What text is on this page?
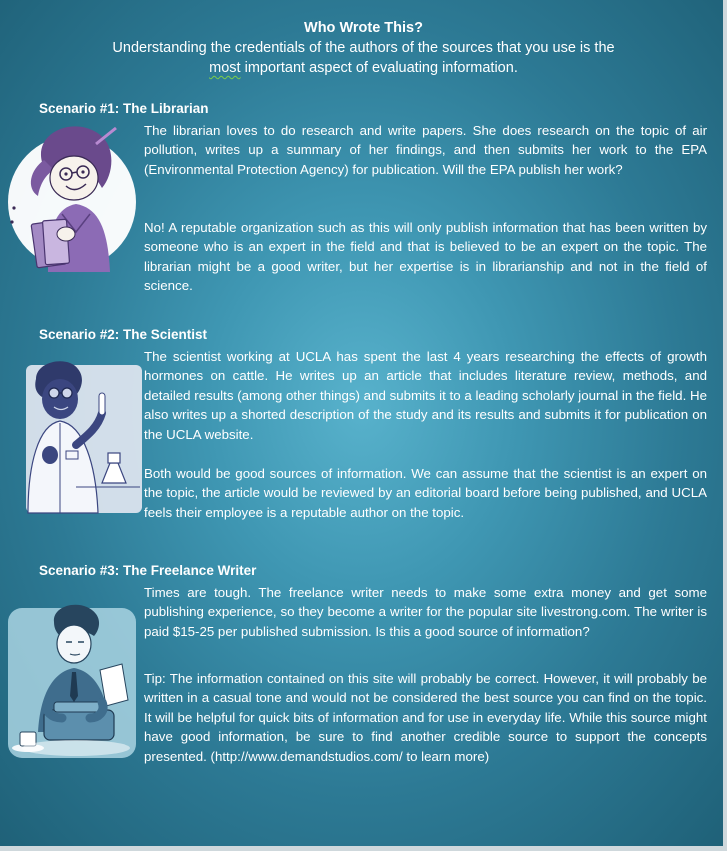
Who Wrote This?
Understanding the credentials of the authors of the sources that you use is the
most important aspect of evaluating information.
Scenario #1: The Librarian

The librarian loves to do research and write papers. She does research on the topic of air pollution, writes up a summary of her findings, and then submits her work to the EPA (Environmental Protection Agency) for publication. Will the EPA publish her work?

No! A reputable organization such as this will only publish information that has been written by someone who is an expert in the field and that is believed to be an expert on the topic. The librarian might be a good writer, but her expertise is in librarianship and not in the field of science.

Scenario #2: The Scientist

The scientist working at UCLA has spent the last 4 years researching the effects of growth hormones on cattle. He writes up an article that includes literature review, methods, and detailed results (among other things) and submits it to a leading scholarly journal in the field. He also writes up a shorted description of the study and its results and submits it for publication on the UCLA website.

Both would be good sources of information. We can assume that the scientist is an expert on the topic, the article would be reviewed by an editorial board before being published, and UCLA feels their employee is a reputable author on the topic.

Scenario #3: The Freelance Writer

Times are tough. The freelance writer needs to make some extra money and get some publishing experience, so they become a writer for the popular site livestrong.com. The writer is paid $15-25 per published submission. Is this a good source of information?

Tip: The information contained on this site will probably be correct. However, it will probably be written in a casual tone and would not be considered the best source you can find on the topic. It will be helpful for quick bits of information and for use in everyday life. While this source might have good information, be sure to find another credible source to support the concepts presented. (http://www.demandstudios.com/ to learn more)
